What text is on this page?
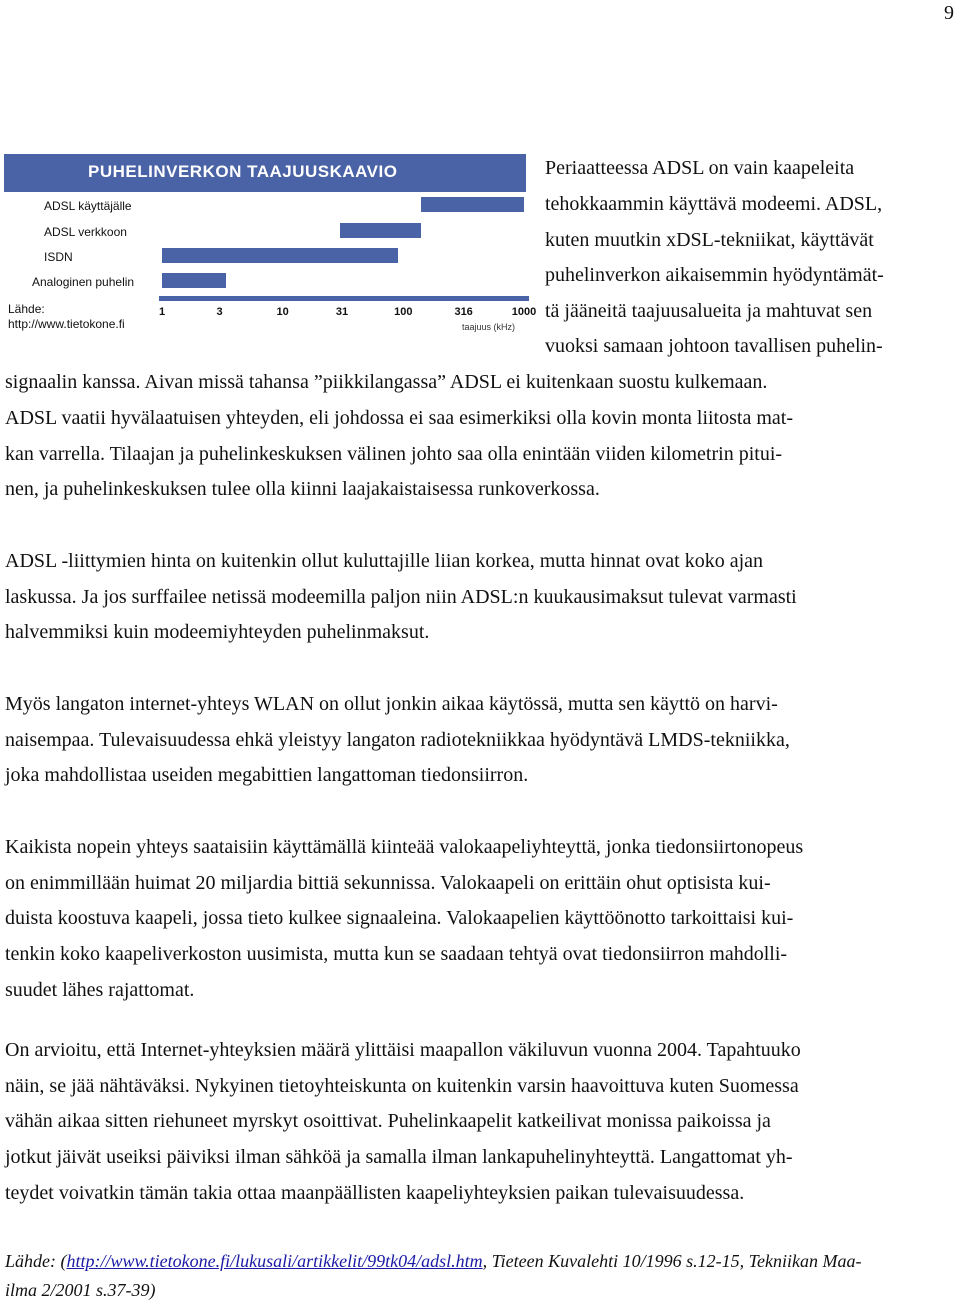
9
PUHELINVERKON TAAJUUSKAAVIO
ADSL käyttäjälle
ADSL verkkoon
ISDN
Analoginen puhelin
Lähde:
http://www.tietokone.fi
1	3	10	31	100	316	1000
taajuus (kHz)
Periaatteessa ADSL on vain kaapeleita
tehokkaammin käyttävä modeemi. ADSL,
kuten muutkin xDSL-tekniikat, käyttävät
puhelinverkon aikaisemmin hyödyntämät-
tä jääneitä taajuusalueita ja mahtuvat sen
vuoksi samaan johtoon tavallisen puhelin-
signaalin kanssa. Aivan missä tahansa ”piikkilangassa” ADSL ei kuitenkaan suostu kulkemaan.
ADSL vaatii hyvälaatuisen yhteyden, eli johdossa ei saa esimerkiksi olla kovin monta liitosta mat-
kan varrella. Tilaajan ja puhelinkeskuksen välinen johto saa olla enintään viiden kilometrin pitui-
nen, ja puhelinkeskuksen tulee olla kiinni laajakaistaisessa runkoverkossa.
ADSL -liittymien hinta on kuitenkin ollut kuluttajille liian korkea, mutta hinnat ovat koko ajan
laskussa. Ja jos surffailee netissä modeemilla paljon niin ADSL:n kuukausimaksut tulevat varmasti
halvemmiksi kuin modeemiyhteyden puhelinmaksut.
Myös langaton internet-yhteys WLAN on ollut jonkin aikaa käytössä, mutta sen käyttö on harvi-
naisempaa. Tulevaisuudessa ehkä yleistyy langaton radiotekniikkaa hyödyntävä LMDS-tekniikka,
joka mahdollistaa useiden megabittien langattoman tiedonsiirron.
Kaikista nopein yhteys saataisiin käyttämällä kiinteää valokaapeliyhteyttä, jonka tiedonsiirtonopeus
on enimmillään huimat 20 miljardia bittiä sekunnissa. Valokaapeli on erittäin ohut optisista kui-
duista koostuva kaapeli, jossa tieto kulkee signaaleina. Valokaapelien käyttöönotto tarkoittaisi kui-
tenkin koko kaapeliverkoston uusimista, mutta kun se saadaan tehtyä ovat tiedonsiirron mahdolli-
suudet lähes rajattomat.
On arvioitu, että Internet-yhteyksien määrä ylittäisi maapallon väkiluvun vuonna 2004. Tapahtuuko
näin, se jää nähtäväksi. Nykyinen tietoyhteiskunta on kuitenkin varsin haavoittuva kuten Suomessa
vähän aikaa sitten riehuneet myrskyt osoittivat. Puhelinkaapelit katkeilivat monissa paikoissa ja
jotkut jäivät useiksi päiviksi ilman sähköä ja samalla ilman lankapuhelinyhteyttä. Langattomat yh-
teydet voivatkin tämän takia ottaa maanpäällisten kaapeliyhteyksien paikan tulevaisuudessa.
Lähde: (http://www.tietokone.fi/lukusali/artikkelit/99tk04/adsl.htm, Tieteen Kuvalehti 10/1996 s.12-15, Tekniikan Maa-
ilma 2/2001 s.37-39)
